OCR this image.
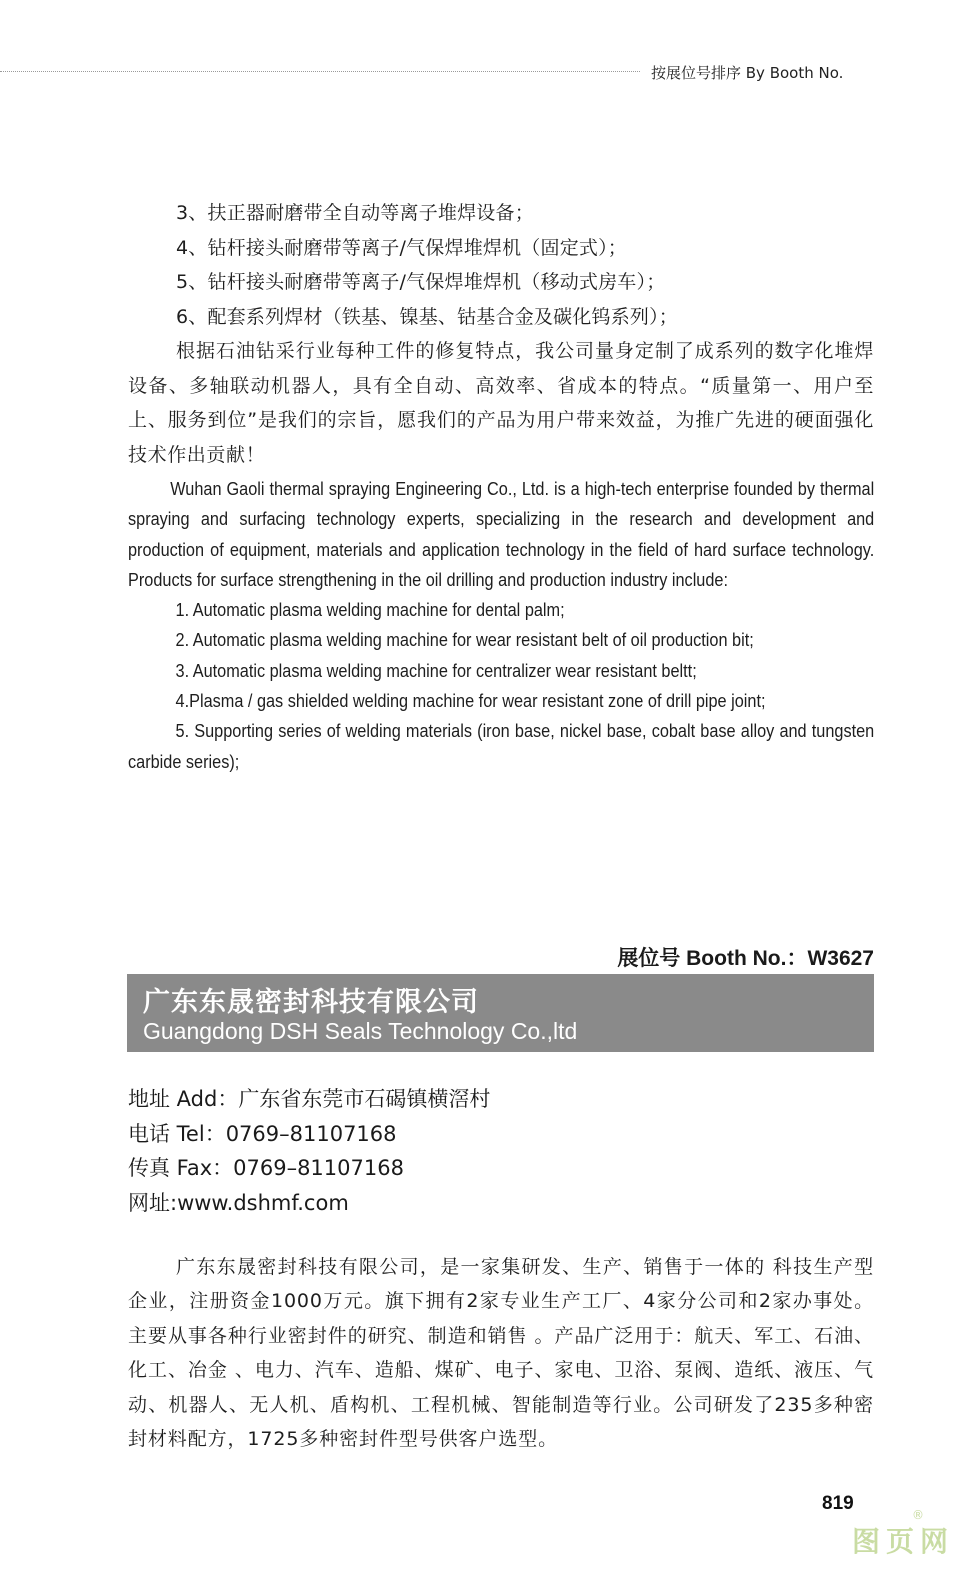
按展位号排序 By Booth No.
3、扶正器耐磨带全自动等离子堆焊设备；
4、钻杆接头耐磨带等离子/气保焊堆焊机（固定式）；
5、钻杆接头耐磨带等离子/气保焊堆焊机（移动式房车）；
6、配套系列焊材（铁基、镍基、钴基合金及碳化钨系列）；

根据石油钻采行业每种工件的修复特点，我公司量身定制了成系列的数字化堆焊设备、多轴联动机器人，具有全自动、高效率、省成本的特点。“质量第一、用户至上、服务到位”是我们的宗旨，愿我们的产品为用户带来效益，为推广先进的硬面强化技术作出贡献！

Wuhan Gaoli thermal spraying Engineering Co., Ltd. is a high-tech enterprise founded by thermal spraying and surfacing technology experts, specializing in the research and development and production of equipment, materials and application technology in the field of hard surface technology. Products for surface strengthening in the oil drilling and production industry include:

1. Automatic plasma welding machine for dental palm;

2. Automatic plasma welding machine for wear resistant belt of oil production bit;

3. Automatic plasma welding machine for centralizer wear resistant beltt;

4.Plasma / gas shielded welding machine for wear resistant zone of drill pipe joint;

5. Supporting series of welding materials (iron base, nickel base, cobalt base alloy and tungsten carbide series);

展位号 Booth No.：W3627
广东东晟密封科技有限公司
Guangdong DSH Seals Technology Co.,ltd
地址 Add：广东省东莞市石碣镇横滘村
电话 Tel：0769–81107168
传真 Fax：0769–81107168
网址:www.dshmf.com

广东东晟密封科技有限公司，是一家集研发、生产、销售于一体的 科技生产型企业，注册资金1000万元。旗下拥有2家专业生产工厂、4家分公司和2家办事处。主要从事各种行业密封件的研究、制造和销售 。产品广泛用于：航天、军工、石油、化工、冶金 、电力、汽车、造船、煤矿、电子、家电、卫浴、泵阀、造纸、液压、气动、机器人、无人机、盾构机、工程机械、智能制造等行业。公司研发了235多种密封材料配方，1725多种密封件型号供客户选型。

819
图页网
®
